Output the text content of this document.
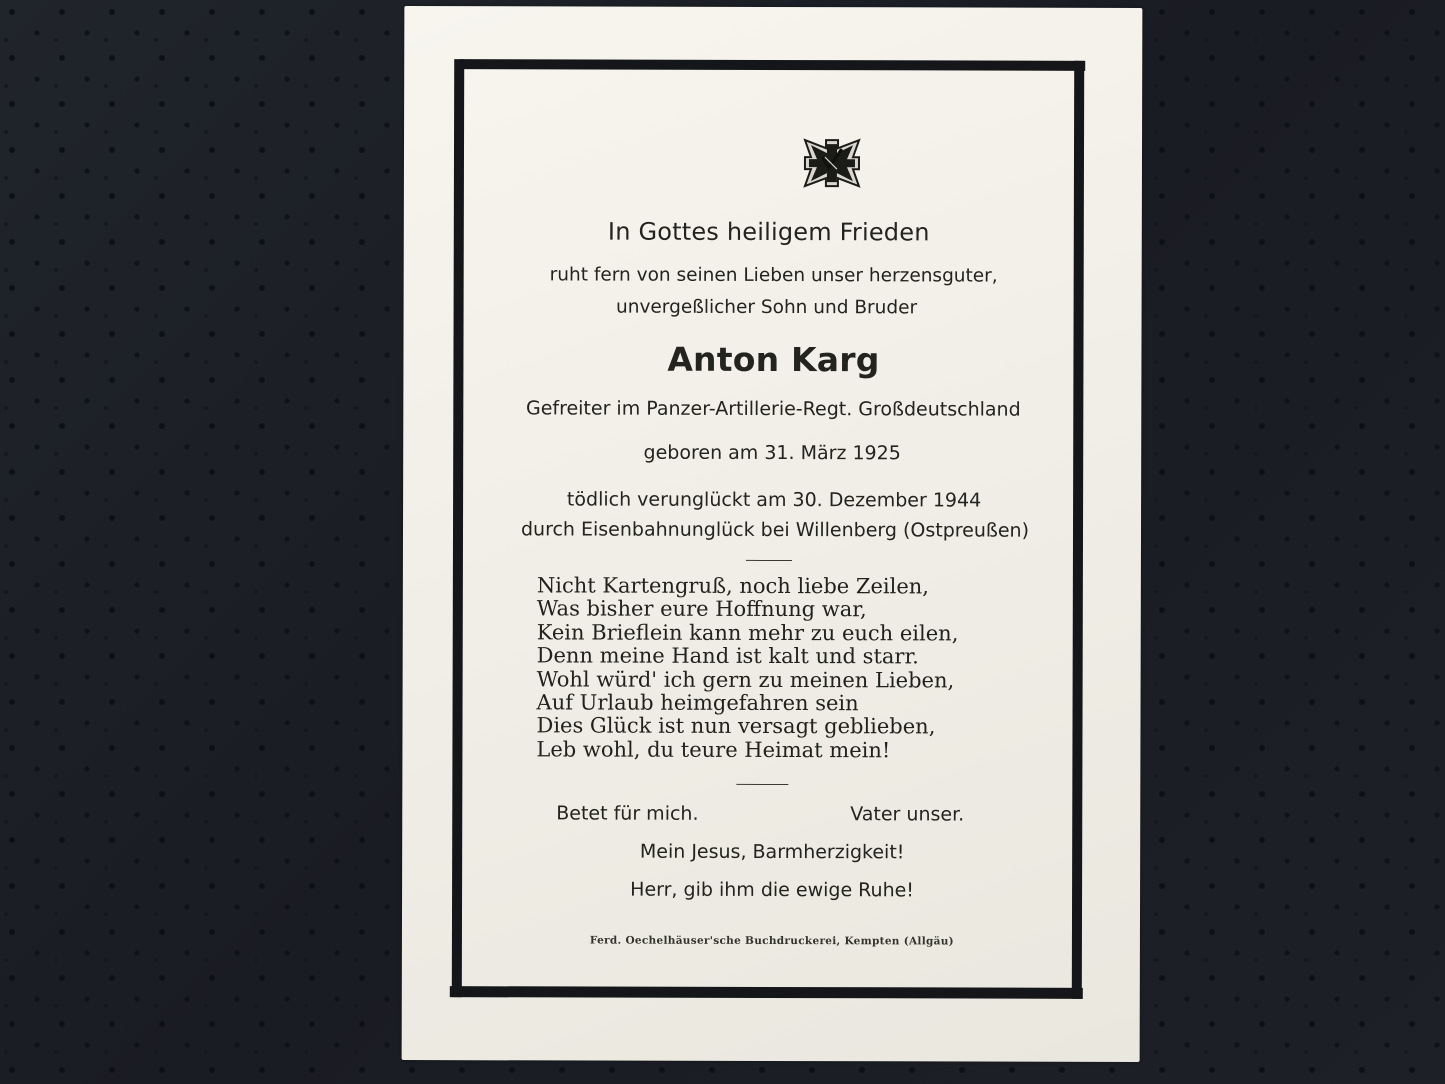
In Gottes heiligem Frieden
ruht fern von seinen Lieben unser herzensguter,
unvergeßlicher Sohn und Bruder
Anton Karg
Gefreiter im Panzer-Artillerie-Regt. Großdeutschland
geboren am 31. März 1925
tödlich verunglückt am 30. Dezember 1944
durch Eisenbahnunglück bei Willenberg (Ostpreußen)
Nicht Kartengruß, noch liebe Zeilen,
Was bisher eure Hoffnung war,
Kein Brieflein kann mehr zu euch eilen,
Denn meine Hand ist kalt und starr.
Wohl würd' ich gern zu meinen Lieben,
Auf Urlaub heimgefahren sein
Dies Glück ist nun versagt geblieben,
Leb wohl, du teure Heimat mein!
Betet für mich.	Vater unser.
Mein Jesus, Barmherzigkeit!
Herr, gib ihm die ewige Ruhe!
Ferd. Oechelhäuser'sche Buchdruckerei, Kempten (Allgäu)
